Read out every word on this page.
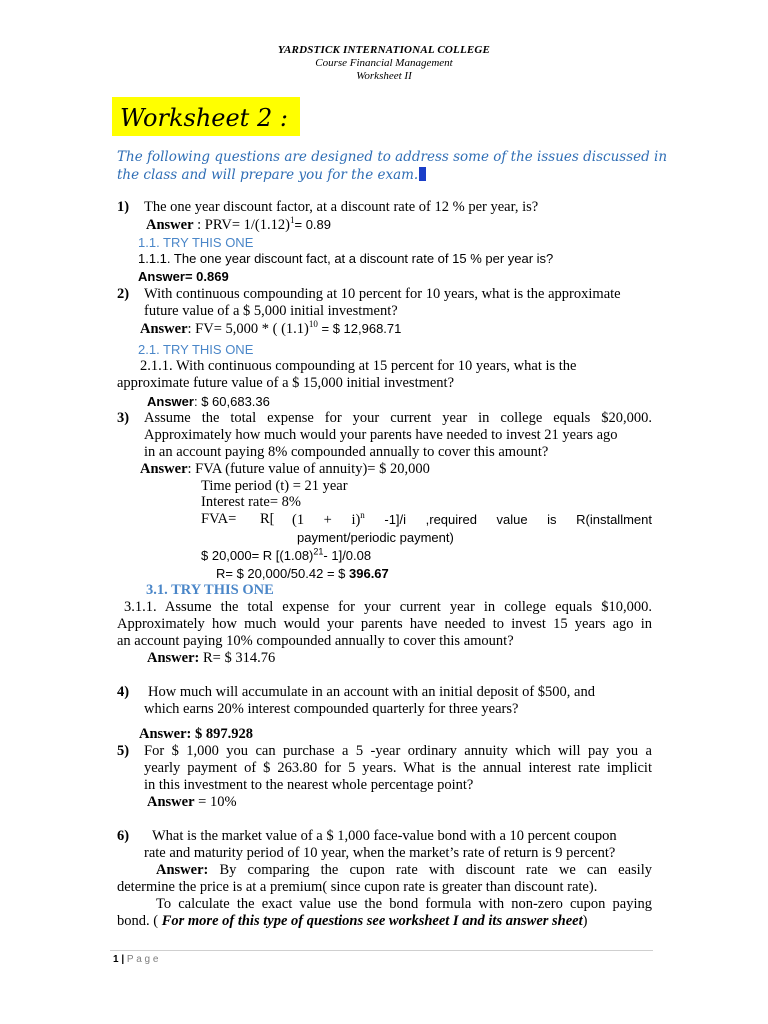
YARDSTICK INTERNATIONAL COLLEGE
Course Financial Management
Worksheet II
Worksheet 2 :
The following questions are designed to address some of the issues discussed in
the class and will prepare you for the exam.
1) The one year discount factor, at a discount rate of 12 % per year, is?
Answer : $PRV= 1/(1.12)^1= 0.89$
1.1. TRY THIS ONE
1.1.1. The one year discount fact, at a discount rate of 15 % per year is?
Answer= 0.869
2) With continuous compounding at 10 percent for 10 years, what is the approximate
future value of a $ 5,000 initial investment?
Answer: FV= 5,000 * ( $(1.1)^{10}$ = $ 12,968.71
2.1. TRY THIS ONE
2.1.1. With continuous compounding at 15 percent for 10 years, what is the
approximate future value of a $ 15,000 initial investment?
Answer: $ 60,683.36
3) Assume the total expense for your current year in college equals $20,000.
Approximately how much would your parents have needed to invest 21 years ago
in an account paying 8% compounded annually to cover this amount?
Answer: FVA (future value of annuity)= $ 20,000
Time period (t) = 21 year
Interest rate= 8%
FVA= R[ $(1 + i)^n$ -1]/i ,required value is R(installment
payment/periodic payment)
$ 20,000= R [$(1.08)^{21}-$ 1]/0.08
R= $ 20,000/50.42 = $ 396.67
3.1. TRY THIS ONE
3.1.1. Assume the total expense for your current year in college equals $10,000.
Approximately how much would your parents have needed to invest 15 years ago in
an account paying 10% compounded annually to cover this amount?
Answer: R= $ 314.76
4) How much will accumulate in an account with an initial deposit of $500, and
which earns 20% interest compounded quarterly for three years?
Answer: $ 897.928
5) For $ 1,000 you can purchase a 5 -year ordinary annuity which will pay you a
yearly payment of $ 263.80 for 5 years. What is the annual interest rate implicit
in this investment to the nearest whole percentage point?
Answer = 10%
6) What is the market value of a $ 1,000 face-value bond with a 10 percent coupon
rate and maturity period of 10 year, when the market’s rate of return is 9 percent?
Answer: By comparing the cupon rate with discount rate we can easily
determine the price is at a premium( since cupon rate is greater than discount rate).
To calculate the exact value use the bond formula with non-zero cupon paying
bond. ( For more of this type of questions see worksheet I and its answer sheet)
1 | P a g e
